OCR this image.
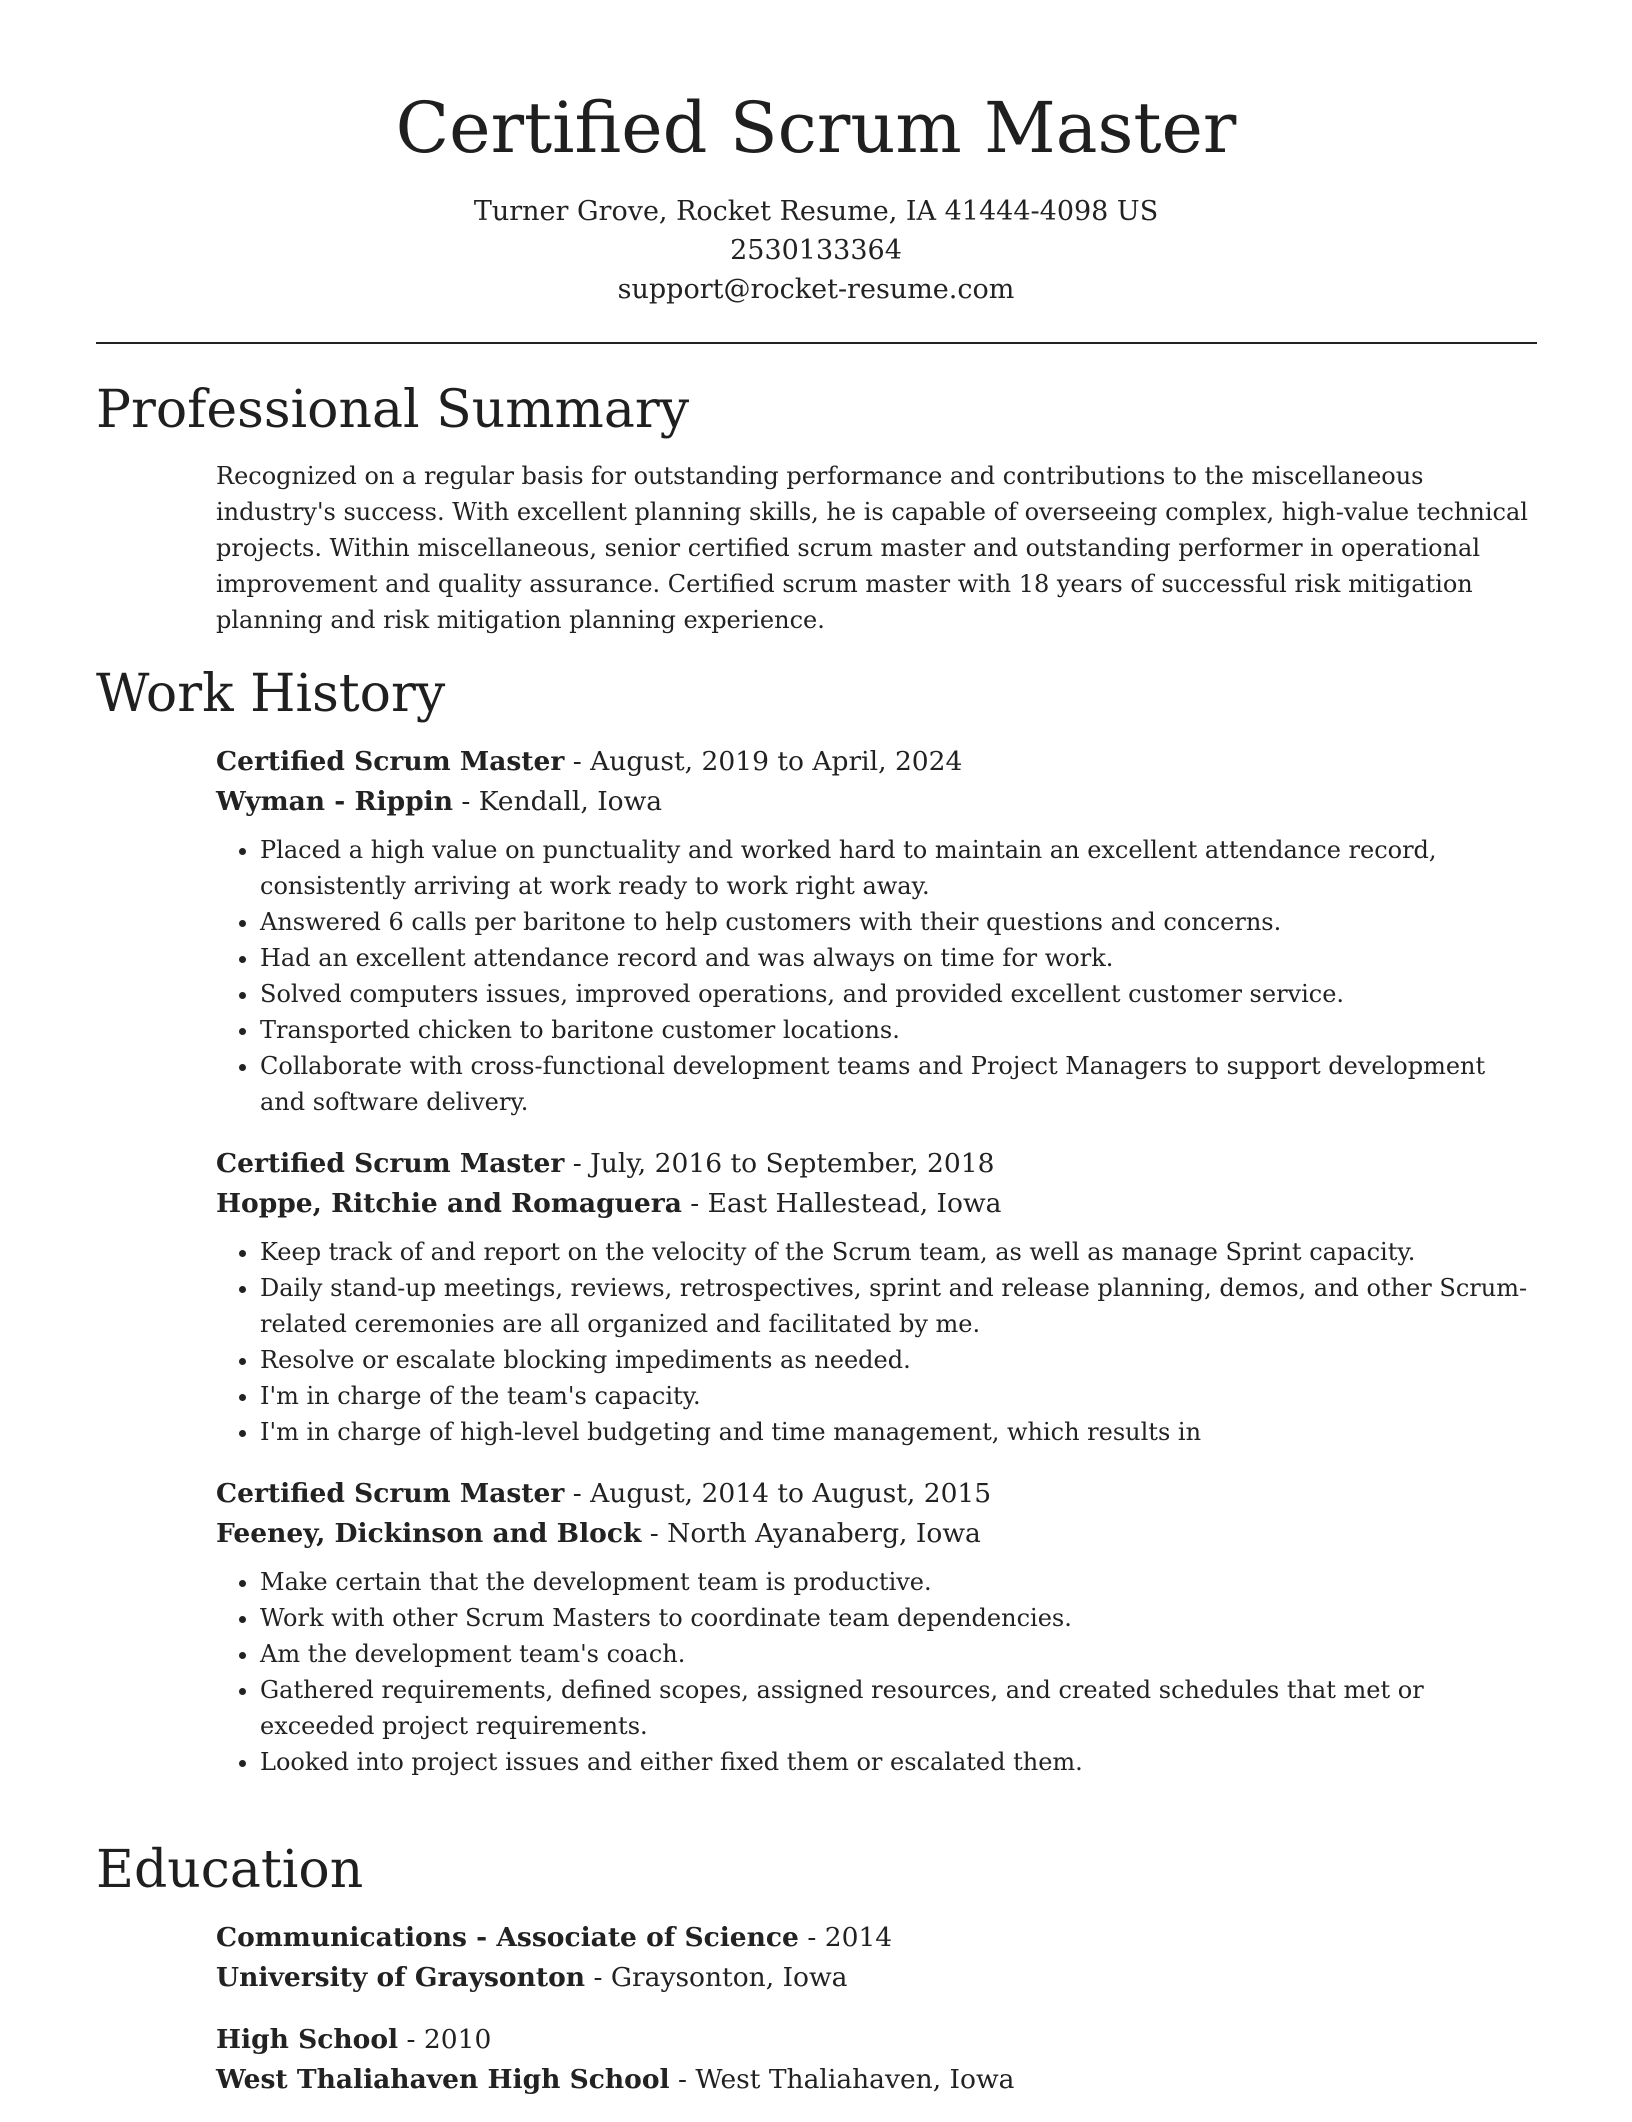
Certified Scrum Master
Turner Grove, Rocket Resume, IA 41444-4098 US
2530133364
support@rocket-resume.com
Professional Summary

Recognized on a regular basis for outstanding performance and contributions to the miscellaneous industry's success. With excellent planning skills, he is capable of overseeing complex, high-value technical projects. Within miscellaneous, senior certified scrum master and outstanding performer in operational improvement and quality assurance. Certified scrum master with 18 years of successful risk mitigation planning and risk mitigation planning experience.

Work History
Certified Scrum Master - August, 2019 to April, 2024
Wyman - Rippin - Kendall, Iowa
• Placed a high value on punctuality and worked hard to maintain an excellent attendance record, consistently arriving at work ready to work right away.
• Answered 6 calls per baritone to help customers with their questions and concerns.
• Had an excellent attendance record and was always on time for work.
• Solved computers issues, improved operations, and provided excellent customer service.
• Transported chicken to baritone customer locations.
• Collaborate with cross-functional development teams and Project Managers to support development and software delivery.
Certified Scrum Master - July, 2016 to September, 2018
Hoppe, Ritchie and Romaguera - East Hallestead, Iowa
• Keep track of and report on the velocity of the Scrum team, as well as manage Sprint capacity.
• Daily stand-up meetings, reviews, retrospectives, sprint and release planning, demos, and other Scrum-related ceremonies are all organized and facilitated by me.
• Resolve or escalate blocking impediments as needed.
• I'm in charge of the team's capacity.
• I'm in charge of high-level budgeting and time management, which results in
Certified Scrum Master - August, 2014 to August, 2015
Feeney, Dickinson and Block - North Ayanaberg, Iowa
• Make certain that the development team is productive.
• Work with other Scrum Masters to coordinate team dependencies.
• Am the development team's coach.
• Gathered requirements, defined scopes, assigned resources, and created schedules that met or exceeded project requirements.
• Looked into project issues and either fixed them or escalated them.
Education
Communications - Associate of Science - 2014
University of Graysonton - Graysonton, Iowa
High School - 2010
West Thaliahaven High School - West Thaliahaven, Iowa
